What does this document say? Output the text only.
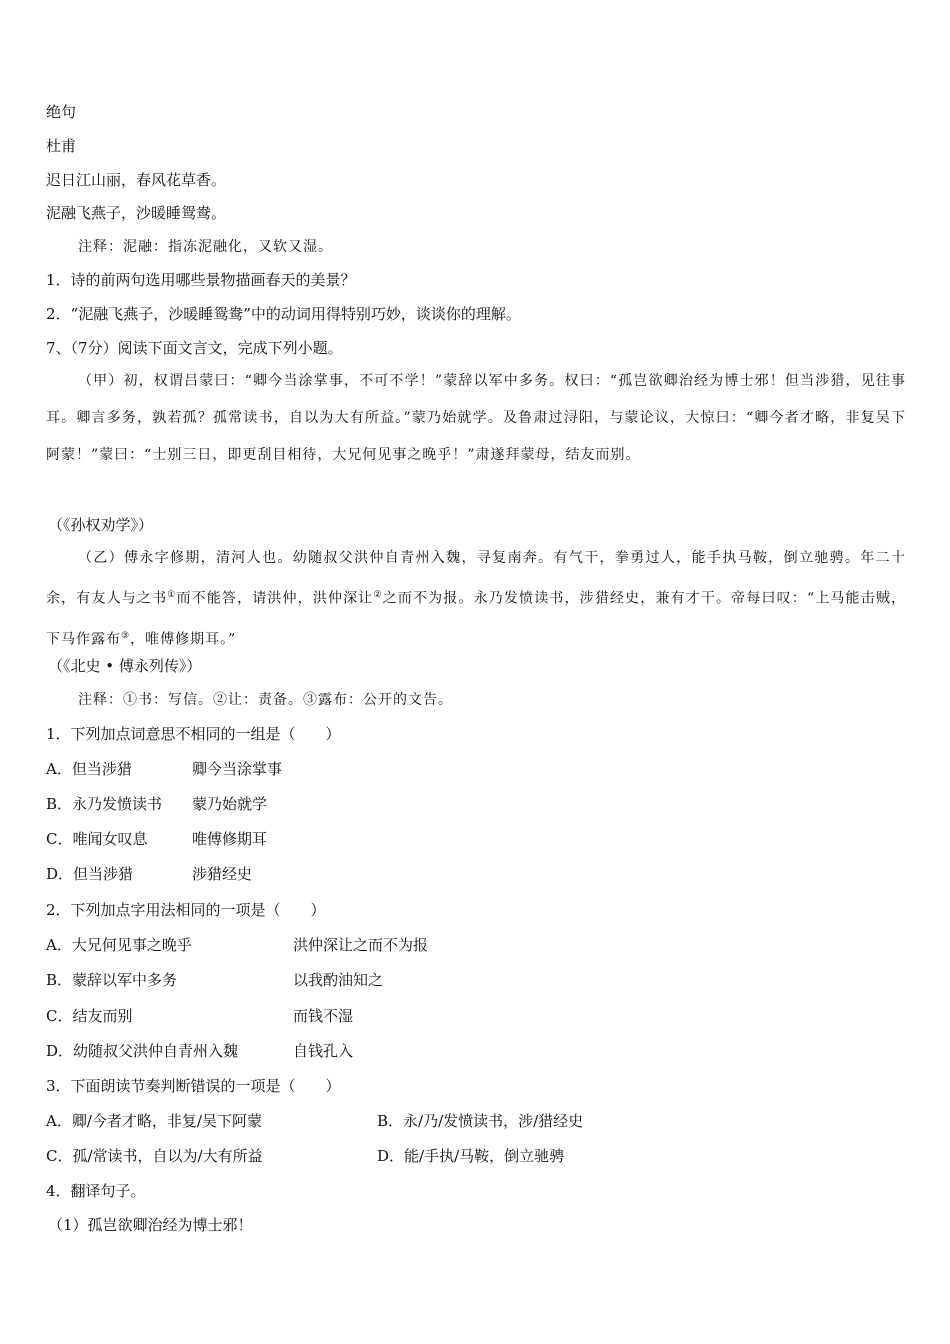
绝句
杜甫
迟日江山丽，春风花草香。
泥融飞燕子，沙暖睡鸳鸯。
注释：泥融：指冻泥融化，又软又湿。
1．诗的前两句选用哪些景物描画春天的美景？
2．“泥融飞燕子，沙暖睡鸳鸯”中的动词用得特别巧妙，谈谈你的理解。
7、（7分）阅读下面文言文，完成下列小题。
（甲）初，权谓吕蒙曰：“卿今当涂掌事，不可不学！”蒙辞以军中多务。权曰：“孤岂欲卿治经为博士邪！但当涉猎，见往事耳。卿言多务，孰若孤？孤常读书，自以为大有所益。”蒙乃始就学。及鲁肃过浔阳，与蒙论议，大惊曰：“卿今者才略，非复吴下阿蒙！”蒙曰：“士别三日，即更刮目相待，大兄何见事之晚乎！”肃遂拜蒙母，结友而别。
（《孙权劝学》）
（乙）傅永字修期，清河人也。幼随叔父洪仲自青州入魏，寻复南奔。有气干，拳勇过人，能手执马鞍，倒立驰骋。年二十余，有友人与之书①而不能答，请洪仲，洪仲深让②之而不为报。永乃发愤读书，涉猎经史，兼有才干。帝每曰叹：“上马能击贼，下马作露布③，唯傅修期耳。”
（《北史 • 傅永列传》）
注释：①书：写信。②让：责备。③露布：公开的文告。
1．下列加点词意思不相同的一组是（　　）
A．但当涉猎	卿今当涂掌事
B．永乃发愤读书 蒙乃始就学
C．唯闻女叹息	唯傅修期耳
D．但当涉猎	涉猎经史
2．下列加点字用法相同的一项是（　　）
A．大兄何见事之晚乎	洪仲深让之而不为报
B．蒙辞以军中多务	以我酌油知之
C．结友而别	而钱不湿
D．幼随叔父洪仲自青州入魏	自钱孔入
3．下面朗读节奏判断错误的一项是（　　）
A．卿/今者才略，非复/吴下阿蒙	B．永/乃/发愤读书，涉/猎经史
C．孤/常读书，自以为/大有所益	D．能/手执/马鞍，倒立驰骋
4．翻译句子。
（1）孤岂欲卿治经为博士邪！
